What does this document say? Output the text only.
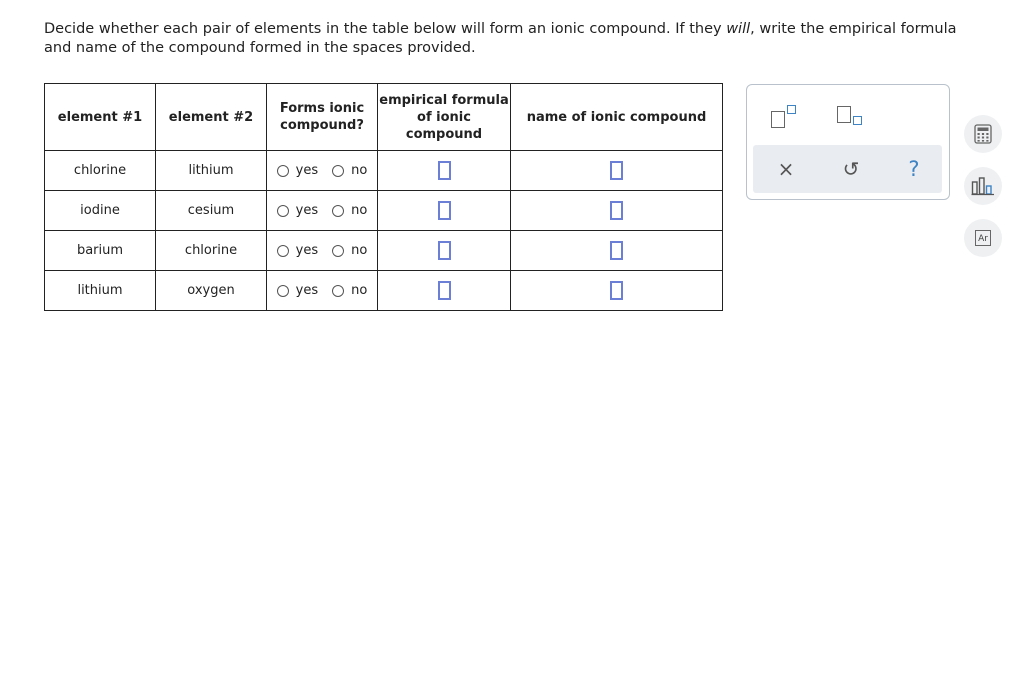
Decide whether each pair of elements in the table below will form an ionic compound. If they will, write the empirical formula and name of the compound formed in the spaces provided.
element #1	element #2	Forms ionic compound?	empirical formula of ionic compound	name of ionic compound
chlorine	lithium	yes no		

iodine	cesium	yes no		

barium	chlorine	yes no		

lithium	oxygen	yes no		

× ↺ ?
Ar
